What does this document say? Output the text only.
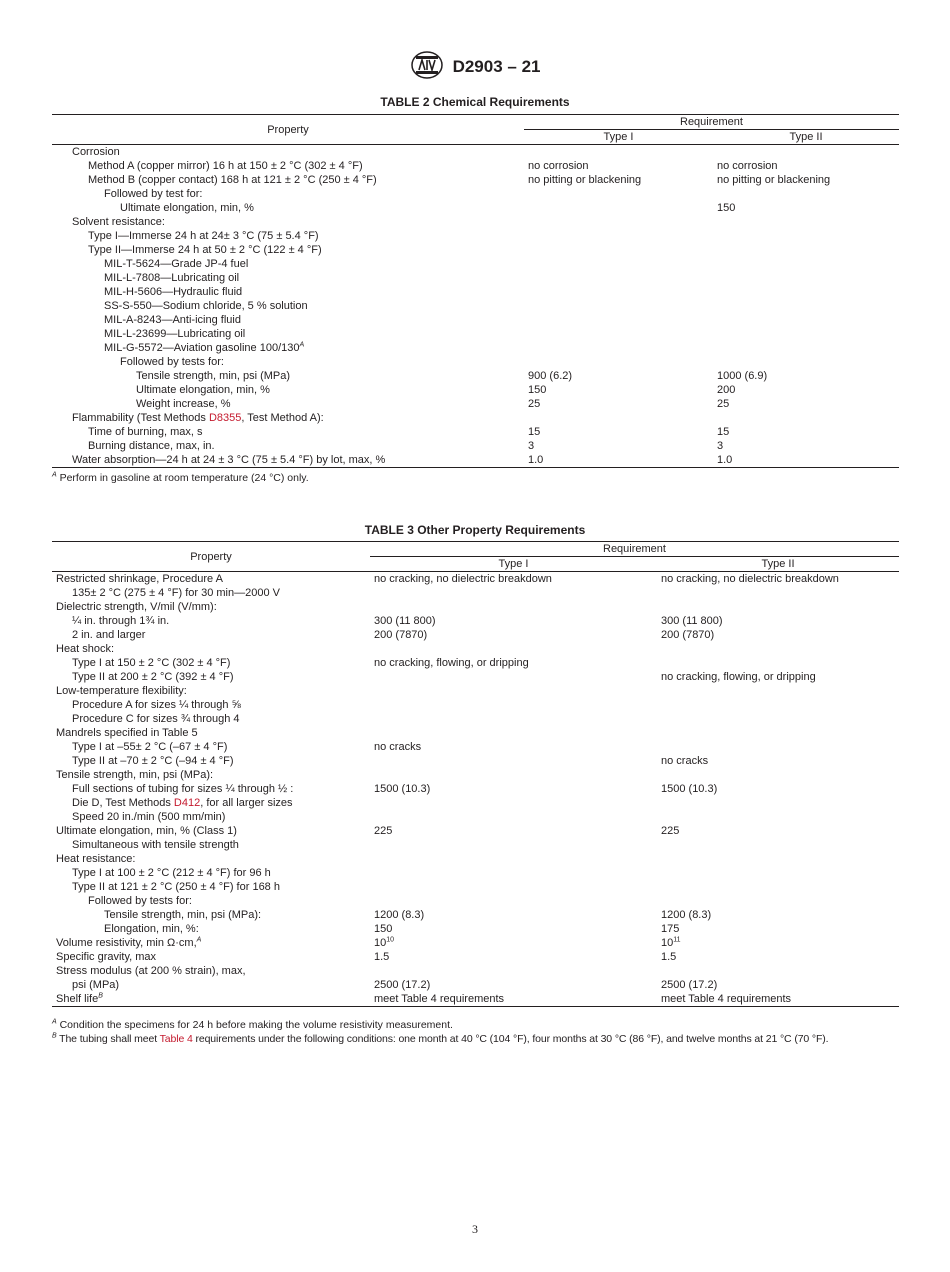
D2903 – 21
TABLE 2 Chemical Requirements
Property	Requirement	
	Type I	Type II
Corrosion		
Method A (copper mirror) 16 h at 150 ± 2 °C (302 ± 4 °F)	no corrosion	no corrosion
Method B (copper contact) 168 h at 121 ± 2 °C (250 ± 4 °F)	no pitting or blackening	no pitting or blackening
Followed by test for:		
Ultimate elongation, min, %		150
Solvent resistance:		
Type I—Immerse 24 h at 24± 3 °C (75 ± 5.4 °F)		
Type II—Immerse 24 h at 50 ± 2 °C (122 ± 4 °F)		
MIL-T-5624—Grade JP-4 fuel		
MIL-L-7808—Lubricating oil		
MIL-H-5606—Hydraulic fluid		
SS-S-550—Sodium chloride, 5 % solution		
MIL-A-8243—Anti-icing fluid		
MIL-L-23699—Lubricating oil		
MIL-G-5572—Aviation gasoline $100/130^A$		
Followed by tests for:		
Tensile strength, min, psi (MPa)	900 (6.2)	1000 (6.9)
Ultimate elongation, min, %	150	200
Weight increase, %	25	25
Flammability (Test Methods D8355, Test Method A):		
Time of burning, max, s	15	15
Burning distance, max, in.	3	3
Water absorption—24 h at 24 ± 3 °C (75 ± 5.4 °F) by lot, max, %	1.0	1.0
$^A$ Perform in gasoline at room temperature (24 °C) only.
TABLE 3 Other Property Requirements
Property	Requirement	
	Type I	Type II
Restricted shrinkage, Procedure A	no cracking, no dielectric breakdown	no cracking, no dielectric breakdown
135± 2 °C (275 ± 4 °F) for 30 min—2000 V		
Dielectric strength, V/mil (V/mm):		
¼ in. through 1¾ in.	300 (11 800)	300 (11 800)
2 in. and larger	200 (7870)	200 (7870)
Heat shock:		
Type I at 150 ± 2 °C (302 ± 4 °F)	no cracking, flowing, or dripping	
Type II at 200 ± 2 °C (392 ± 4 °F)		no cracking, flowing, or dripping
Low-temperature flexibility:		
Procedure A for sizes ¼ through ⅝		
Procedure C for sizes ¾ through 4		
Mandrels specified in Table 5		
Type I at –55± 2 °C (–67 ± 4 °F)	no cracks	
Type II at –70 ± 2 °C (–94 ± 4 °F)		no cracks
Tensile strength, min, psi (MPa):		
Full sections of tubing for sizes ¼ through ½ :	1500 (10.3)	1500 (10.3)
Die D, Test Methods D412, for all larger sizes		
Speed 20 in./min (500 mm/min)		
Ultimate elongation, min, % (Class 1)	225	225
Simultaneous with tensile strength		
Heat resistance:		
Type I at 100 ± 2 °C (212 ± 4 °F) for 96 h		
Type II at 121 ± 2 °C (250 ± 4 °F) for 168 h		
Followed by tests for:		
Tensile strength, min, psi (MPa):	1200 (8.3)	1200 (8.3)
Elongation, min, %:	150	175
Volume resistivity, min Ω·cm,$^A$	$10^{10}$	$10^{11}$
Specific gravity, max	1.5	1.5
Stress modulus (at 200 % strain), max,		
psi (MPa)	2500 (17.2)	2500 (17.2)
Shelf life$^B$	meet Table 4 requirements	meet Table 4 requirements
$^A$ Condition the specimens for 24 h before making the volume resistivity measurement.
$^B$ The tubing shall meet Table 4 requirements under the following conditions: one month at 40 °C (104 °F), four months at 30 °C (86 °F), and twelve months at 21 °C (70 °F).
3
